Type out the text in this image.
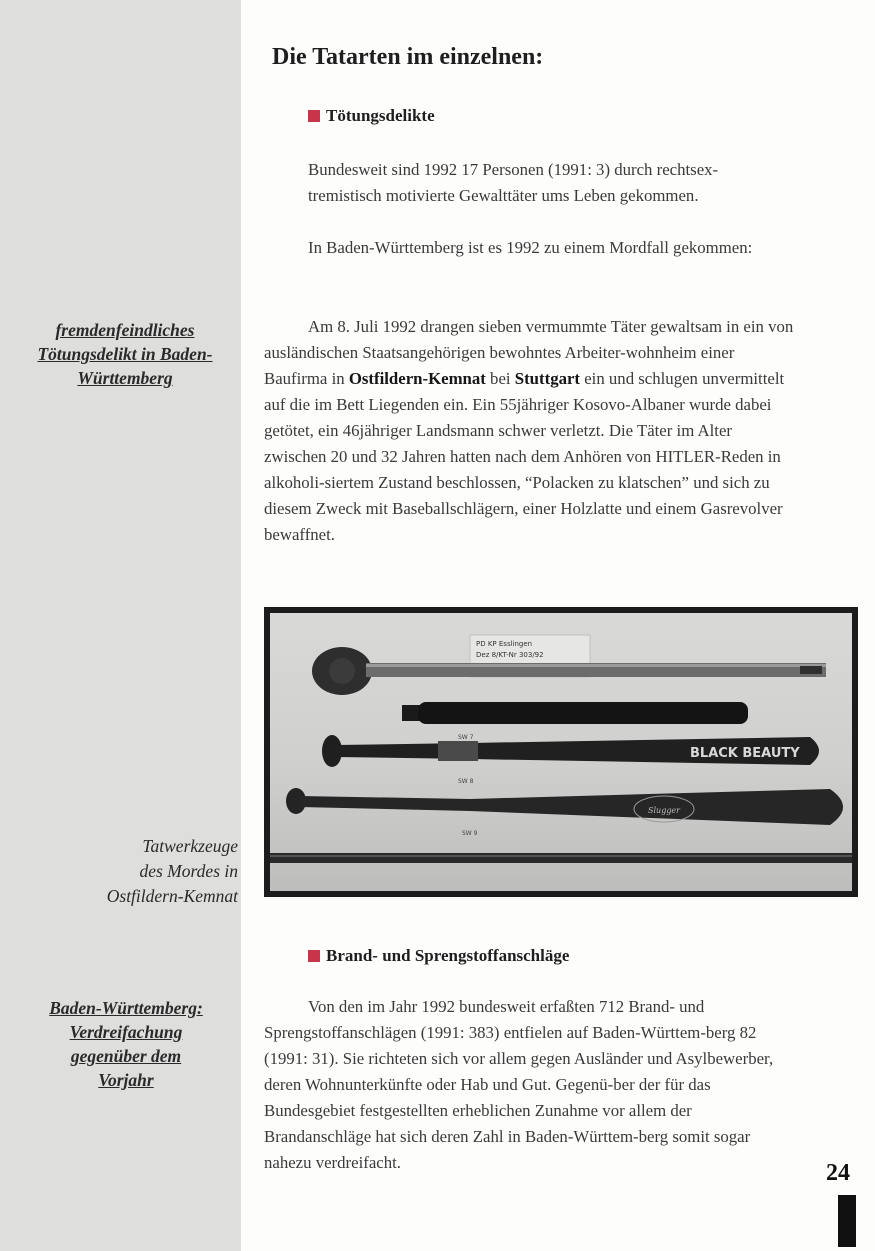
Die Tatarten im einzelnen:
Tötungsdelikte

Bundesweit sind 1992 17 Personen (1991: 3) durch rechtsex-tremistisch motivierte Gewalttäter ums Leben gekommen.

In Baden-Württemberg ist es 1992 zu einem Mordfall gekommen:

Am 8. Juli 1992 drangen sieben vermummte Täter gewaltsam in ein von ausländischen Staatsangehörigen bewohntes Arbeiter-wohnheim einer Baufirma in Ostfildern-Kemnat bei Stuttgart ein und schlugen unvermittelt auf die im Bett Liegenden ein. Ein 55jähriger Kosovo-Albaner wurde dabei getötet, ein 46jähriger Landsmann schwer verletzt. Die Täter im Alter zwischen 20 und 32 Jahren hatten nach dem Anhören von HITLER-Reden in alkoholi-siertem Zustand beschlossen, “Polacken zu klatschen” und sich zu diesem Zweck mit Baseballschlägern, einer Holzlatte und einem Gasrevolver bewaffnet.

fremdenfeindliches
Tötungsdelikt in Baden-
Württemberg
Tatwerkzeuge
des Mordes in
Ostfildern-Kemnat
Baden-Württemberg:
Verdreifachung
gegenüber dem
Vorjahr
PD KP Esslingen
Dez 8/KT-Nr 303/92
BLACK BEAUTY
SW 7
SW 8
Slugger
SW 9
Brand- und Sprengstoffanschläge

Von den im Jahr 1992 bundesweit erfaßten 712 Brand- und Sprengstoffanschlägen (1991: 383) entfielen auf Baden-Württem-berg 82 (1991: 31). Sie richteten sich vor allem gegen Ausländer und Asylbewerber, deren Wohnunterkünfte oder Hab und Gut. Gegenü-ber der für das Bundesgebiet festgestellten erheblichen Zunahme vor allem der Brandanschläge hat sich deren Zahl in Baden-Württem-berg somit sogar nahezu verdreifacht.	24
